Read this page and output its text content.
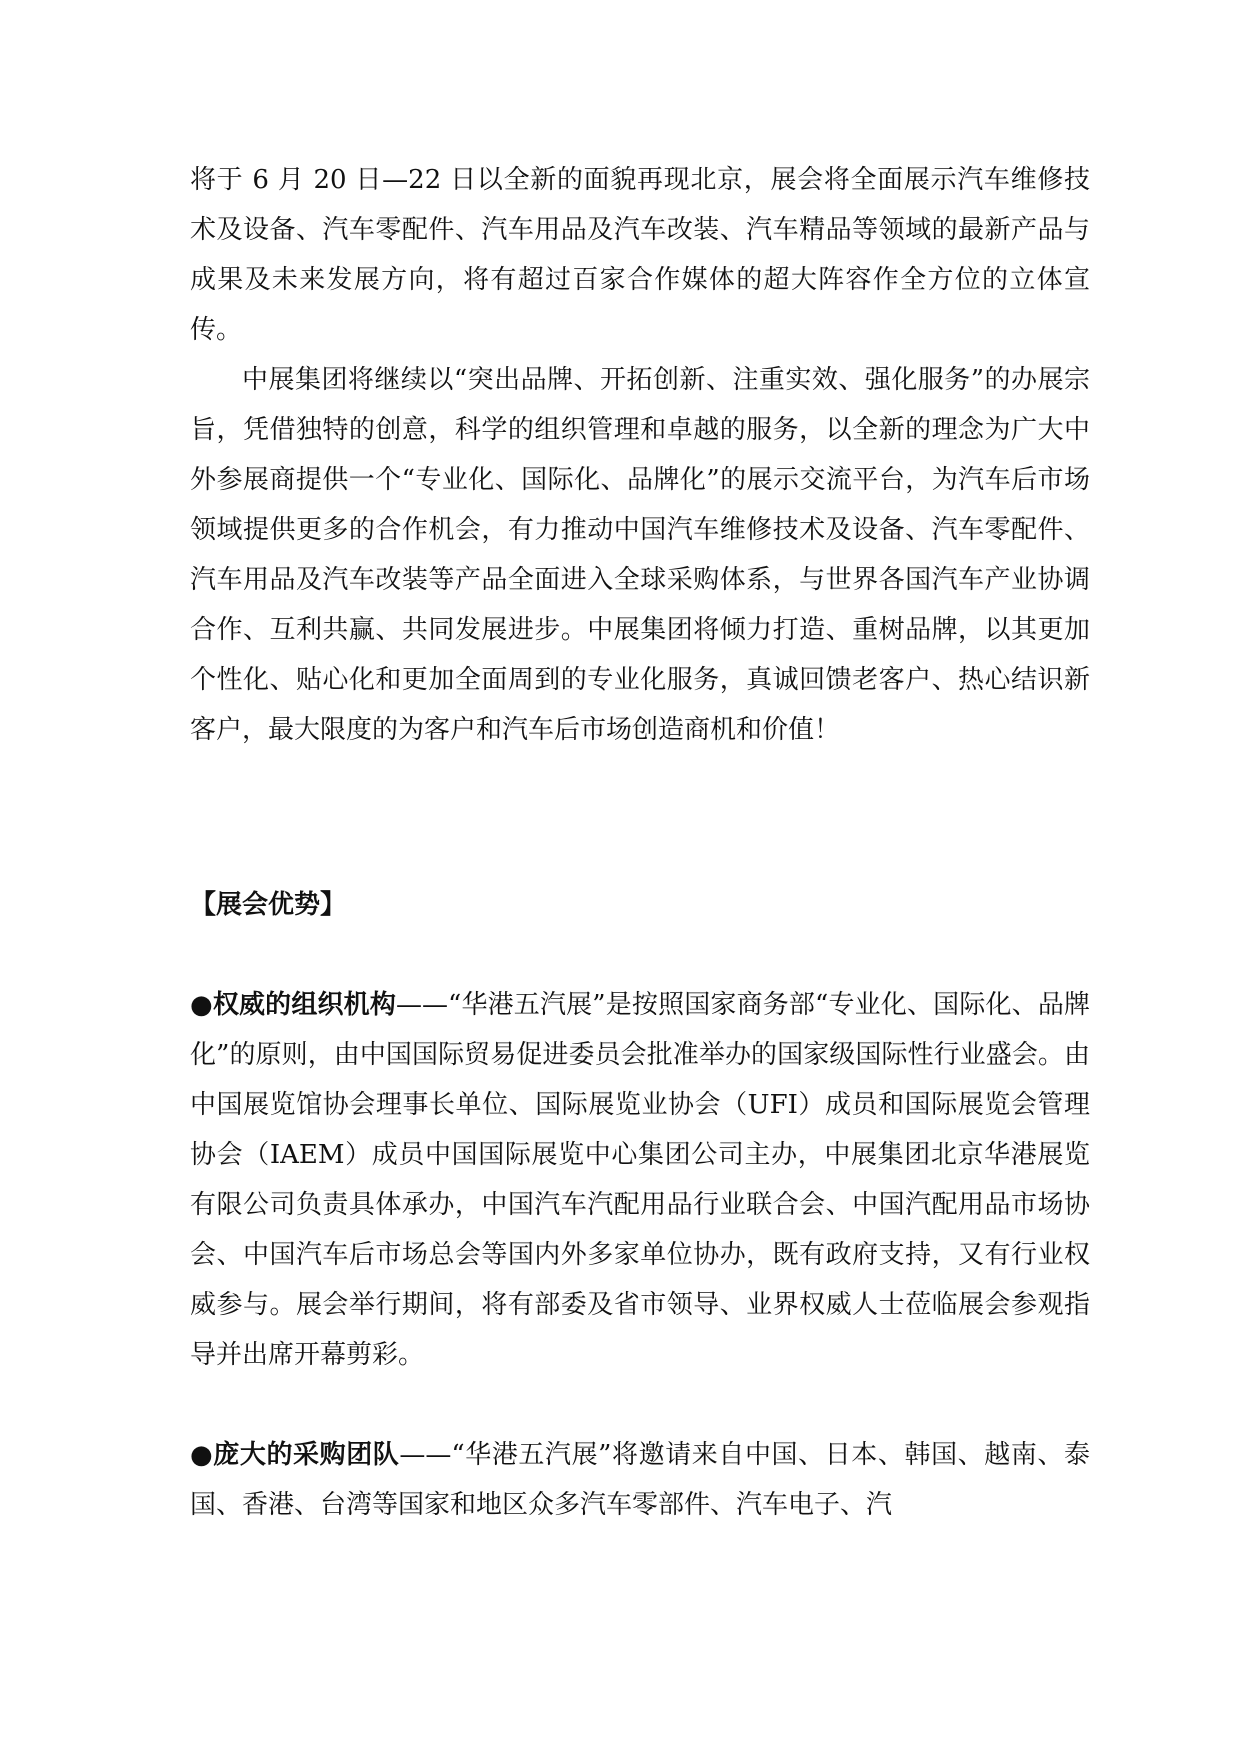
将于 6 月 20 日—22 日以全新的面貌再现北京，展会将全面展示汽车维修技术及设备、汽车零配件、汽车用品及汽车改装、汽车精品等领域的最新产品与成果及未来发展方向，将有超过百家合作媒体的超大阵容作全方位的立体宣传。

中展集团将继续以“突出品牌、开拓创新、注重实效、强化服务”的办展宗旨，凭借独特的创意，科学的组织管理和卓越的服务，以全新的理念为广大中外参展商提供一个“专业化、国际化、品牌化”的展示交流平台，为汽车后市场领域提供更多的合作机会，有力推动中国汽车维修技术及设备、汽车零配件、汽车用品及汽车改装等产品全面进入全球采购体系，与世界各国汽车产业协调合作、互利共赢、共同发展进步。中展集团将倾力打造、重树品牌，以其更加个性化、贴心化和更加全面周到的专业化服务，真诚回馈老客户、热心结识新客户，最大限度的为客户和汽车后市场创造商机和价值！

【展会优势】

●权威的组织机构——“华港五汽展”是按照国家商务部“专业化、国际化、品牌化”的原则，由中国国际贸易促进委员会批准举办的国家级国际性行业盛会。由中国展览馆协会理事长单位、国际展览业协会（UFI）成员和国际展览会管理协会（IAEM）成员中国国际展览中心集团公司主办，中展集团北京华港展览有限公司负责具体承办，中国汽车汽配用品行业联合会、中国汽配用品市场协会、中国汽车后市场总会等国内外多家单位协办，既有政府支持，又有行业权威参与。展会举行期间，将有部委及省市领导、业界权威人士莅临展会参观指导并出席开幕剪彩。

●庞大的采购团队——“华港五汽展”将邀请来自中国、日本、韩国、越南、泰国、香港、台湾等国家和地区众多汽车零部件、汽车电子、汽
